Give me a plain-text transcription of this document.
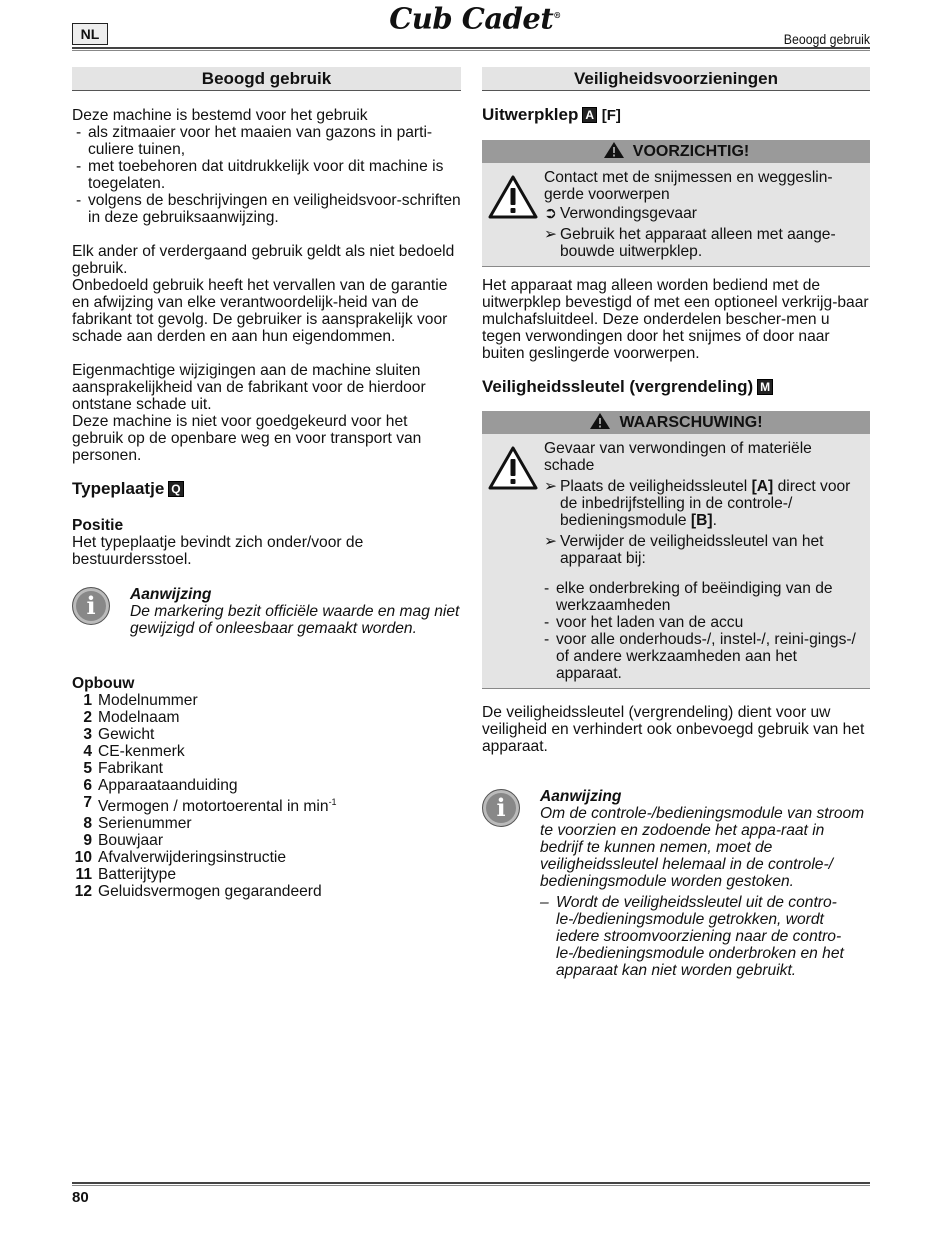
NL	Cub Cadet®
Beoogd gebruik
Beoogd gebruik

Deze machine is bestemd voor het gebruik

- als zitmaaier voor het maaien van gazons in parti-culiere tuinen,
- met toebehoren dat uitdrukkelijk voor dit machine is toegelaten.
- volgens de beschrijvingen en veiligheidsvoor-schriften in deze gebruiksaanwijzing.

Elk ander of verdergaand gebruik geldt als niet bedoeld gebruik.

Onbedoeld gebruik heeft het vervallen van de garantie en afwijzing van elke verantwoordelijk-heid van de fabrikant tot gevolg. De gebruiker is aansprakelijk voor schade aan derden en aan hun eigendommen.

Eigenmachtige wijzigingen aan de machine sluiten aansprakelijkheid van de fabrikant voor de hierdoor ontstane schade uit.

Deze machine is niet voor goedgekeurd voor het gebruik op de openbare weg en voor transport van personen.

Typeplaatje Q
Positie

Het typeplaatje bevindt zich onder/voor de bestuurdersstoel.

i	Aanwijzing
De markering bezit officiële waarde en mag niet gewijzigd of onleesbaar gemaakt worden.
Opbouw
1 Modelnummer
2 Modelnaam
3 Gewicht
4 CE-kenmerk
5 Fabrikant
6 Apparaataanduiding
7 Vermogen / motortoerental in $\min^{-1}$
8 Serienummer
9 Bouwjaar
10 Afvalverwijderingsinstructie
11 Batterijtype
12 Geluidsvermogen gegarandeerd
Veiligheidsvoorzieningen
Uitwerpklep A [F]
VOORZICHTIG!
Contact met de snijmessen en weggeslin-gerde voorwerpen
➲ Verwondingsgevaar
➢ Gebruik het apparaat alleen met aange-bouwde uitwerpklep.

Het apparaat mag alleen worden bediend met de uitwerpklep bevestigd of met een optioneel verkrijg-baar mulchafsluitdeel. Deze onderdelen bescher-men u tegen verwondingen door het snijmes of door naar buiten geslingerde voorwerpen.

Veiligheidssleutel (vergrendeling) M
WAARSCHUWING!
Gevaar van verwondingen of materiële schade
➢ Plaats de veiligheidssleutel [A] direct voor de inbedrijfstelling in de controle-/ bedieningsmodule [B].
➢ Verwijder de veiligheidssleutel van het apparaat bij:
- elke onderbreking of beëindiging van de werkzaamheden
- voor het laden van de accu
- voor alle onderhouds-/, instel-/, reini-gings-/ of andere werkzaamheden aan het apparaat.

De veiligheidssleutel (vergrendeling) dient voor uw veiligheid en verhindert ook onbevoegd gebruik van het apparaat.

i	Aanwijzing
Om de controle-/bedieningsmodule van stroom te voorzien en zodoende het appa-raat in bedrijf te kunnen nemen, moet de veiligheidssleutel helemaal in de controle-/ bedieningsmodule worden gestoken.
– Wordt de veiligheidssleutel uit de contro-le-/bedieningsmodule getrokken, wordt iedere stroomvoorziening naar de contro-le-/bedieningsmodule onderbroken en het apparaat kan niet worden gebruikt.
80
